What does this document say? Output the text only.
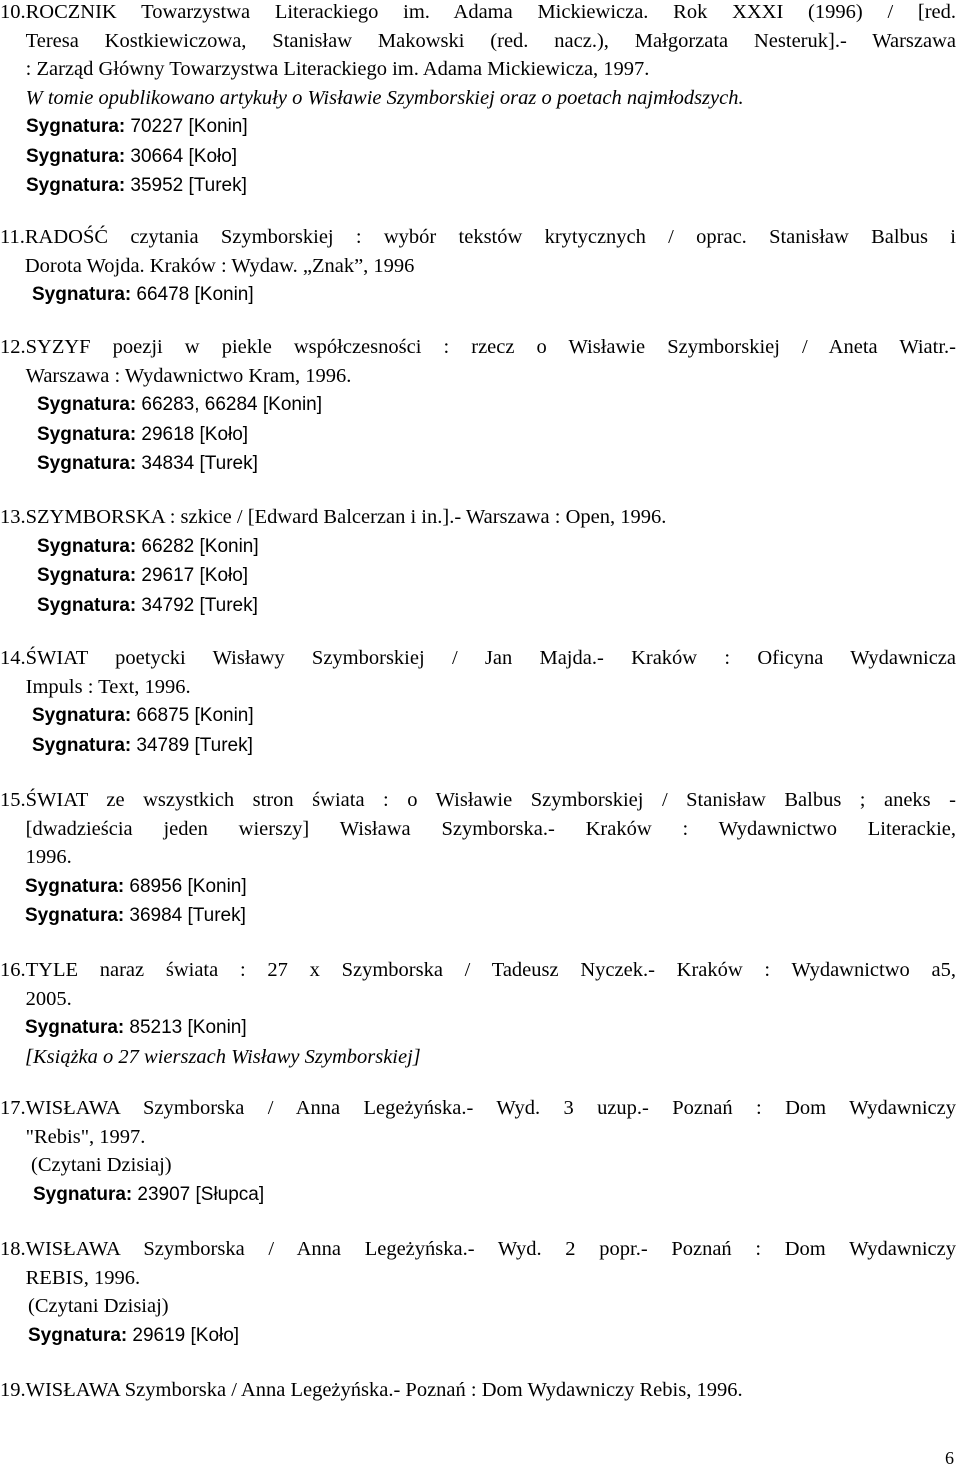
10. ROCZNIK Towarzystwa Literackiego im. Adama Mickiewicza. Rok XXXI (1996) / [red.
Teresa Kostkiewiczowa, Stanisław Makowski (red. nacz.), Małgorzata Nesteruk].- Warszawa
: Zarząd Główny Towarzystwa Literackiego im. Adama Mickiewicza, 1997.
W tomie opublikowano artykuły o Wisławie Szymborskiej oraz o poetach najmłodszych.
Sygnatura: 70227 [Konin]
Sygnatura: 30664 [Koło]
Sygnatura: 35952 [Turek]
11. RADOŚĆ czytania Szymborskiej : wybór tekstów krytycznych / oprac. Stanisław Balbus i
Dorota Wojda. Kraków : Wydaw. „Znak”, 1996
Sygnatura: 66478 [Konin]
12. SYZYF poezji w piekle współczesności : rzecz o Wisławie Szymborskiej / Aneta Wiatr.-
Warszawa : Wydawnictwo Kram, 1996.
Sygnatura: 66283, 66284 [Konin]
Sygnatura: 29618 [Koło]
Sygnatura: 34834 [Turek]
13. SZYMBORSKA : szkice / [Edward Balcerzan i in.].- Warszawa : Open, 1996.
Sygnatura: 66282 [Konin]
Sygnatura: 29617 [Koło]
Sygnatura: 34792 [Turek]
14. ŚWIAT poetycki Wisławy Szymborskiej / Jan Majda.- Kraków : Oficyna Wydawnicza
Impuls : Text, 1996.
Sygnatura: 66875 [Konin]
Sygnatura: 34789 [Turek]
15. ŚWIAT ze wszystkich stron świata : o Wisławie Szymborskiej / Stanisław Balbus ; aneks -
[dwadzieścia jeden wierszy] Wisława Szymborska.- Kraków : Wydawnictwo Literackie,
1996.
Sygnatura: 68956 [Konin]
Sygnatura: 36984 [Turek]
16. TYLE naraz świata : 27 x Szymborska / Tadeusz Nyczek.- Kraków : Wydawnictwo a5,
2005.
Sygnatura: 85213 [Konin]
[Książka o 27 wierszach Wisławy Szymborskiej]
17. WISŁAWA Szymborska / Anna Legeżyńska.- Wyd. 3 uzup.- Poznań : Dom Wydawniczy
"Rebis", 1997.
(Czytani Dzisiaj)
Sygnatura: 23907 [Słupca]
18. WISŁAWA Szymborska / Anna Legeżyńska.- Wyd. 2 popr.- Poznań : Dom Wydawniczy
REBIS, 1996.
(Czytani Dzisiaj)
Sygnatura: 29619 [Koło]
19. WISŁAWA Szymborska / Anna Legeżyńska.- Poznań : Dom Wydawniczy Rebis, 1996.
6
